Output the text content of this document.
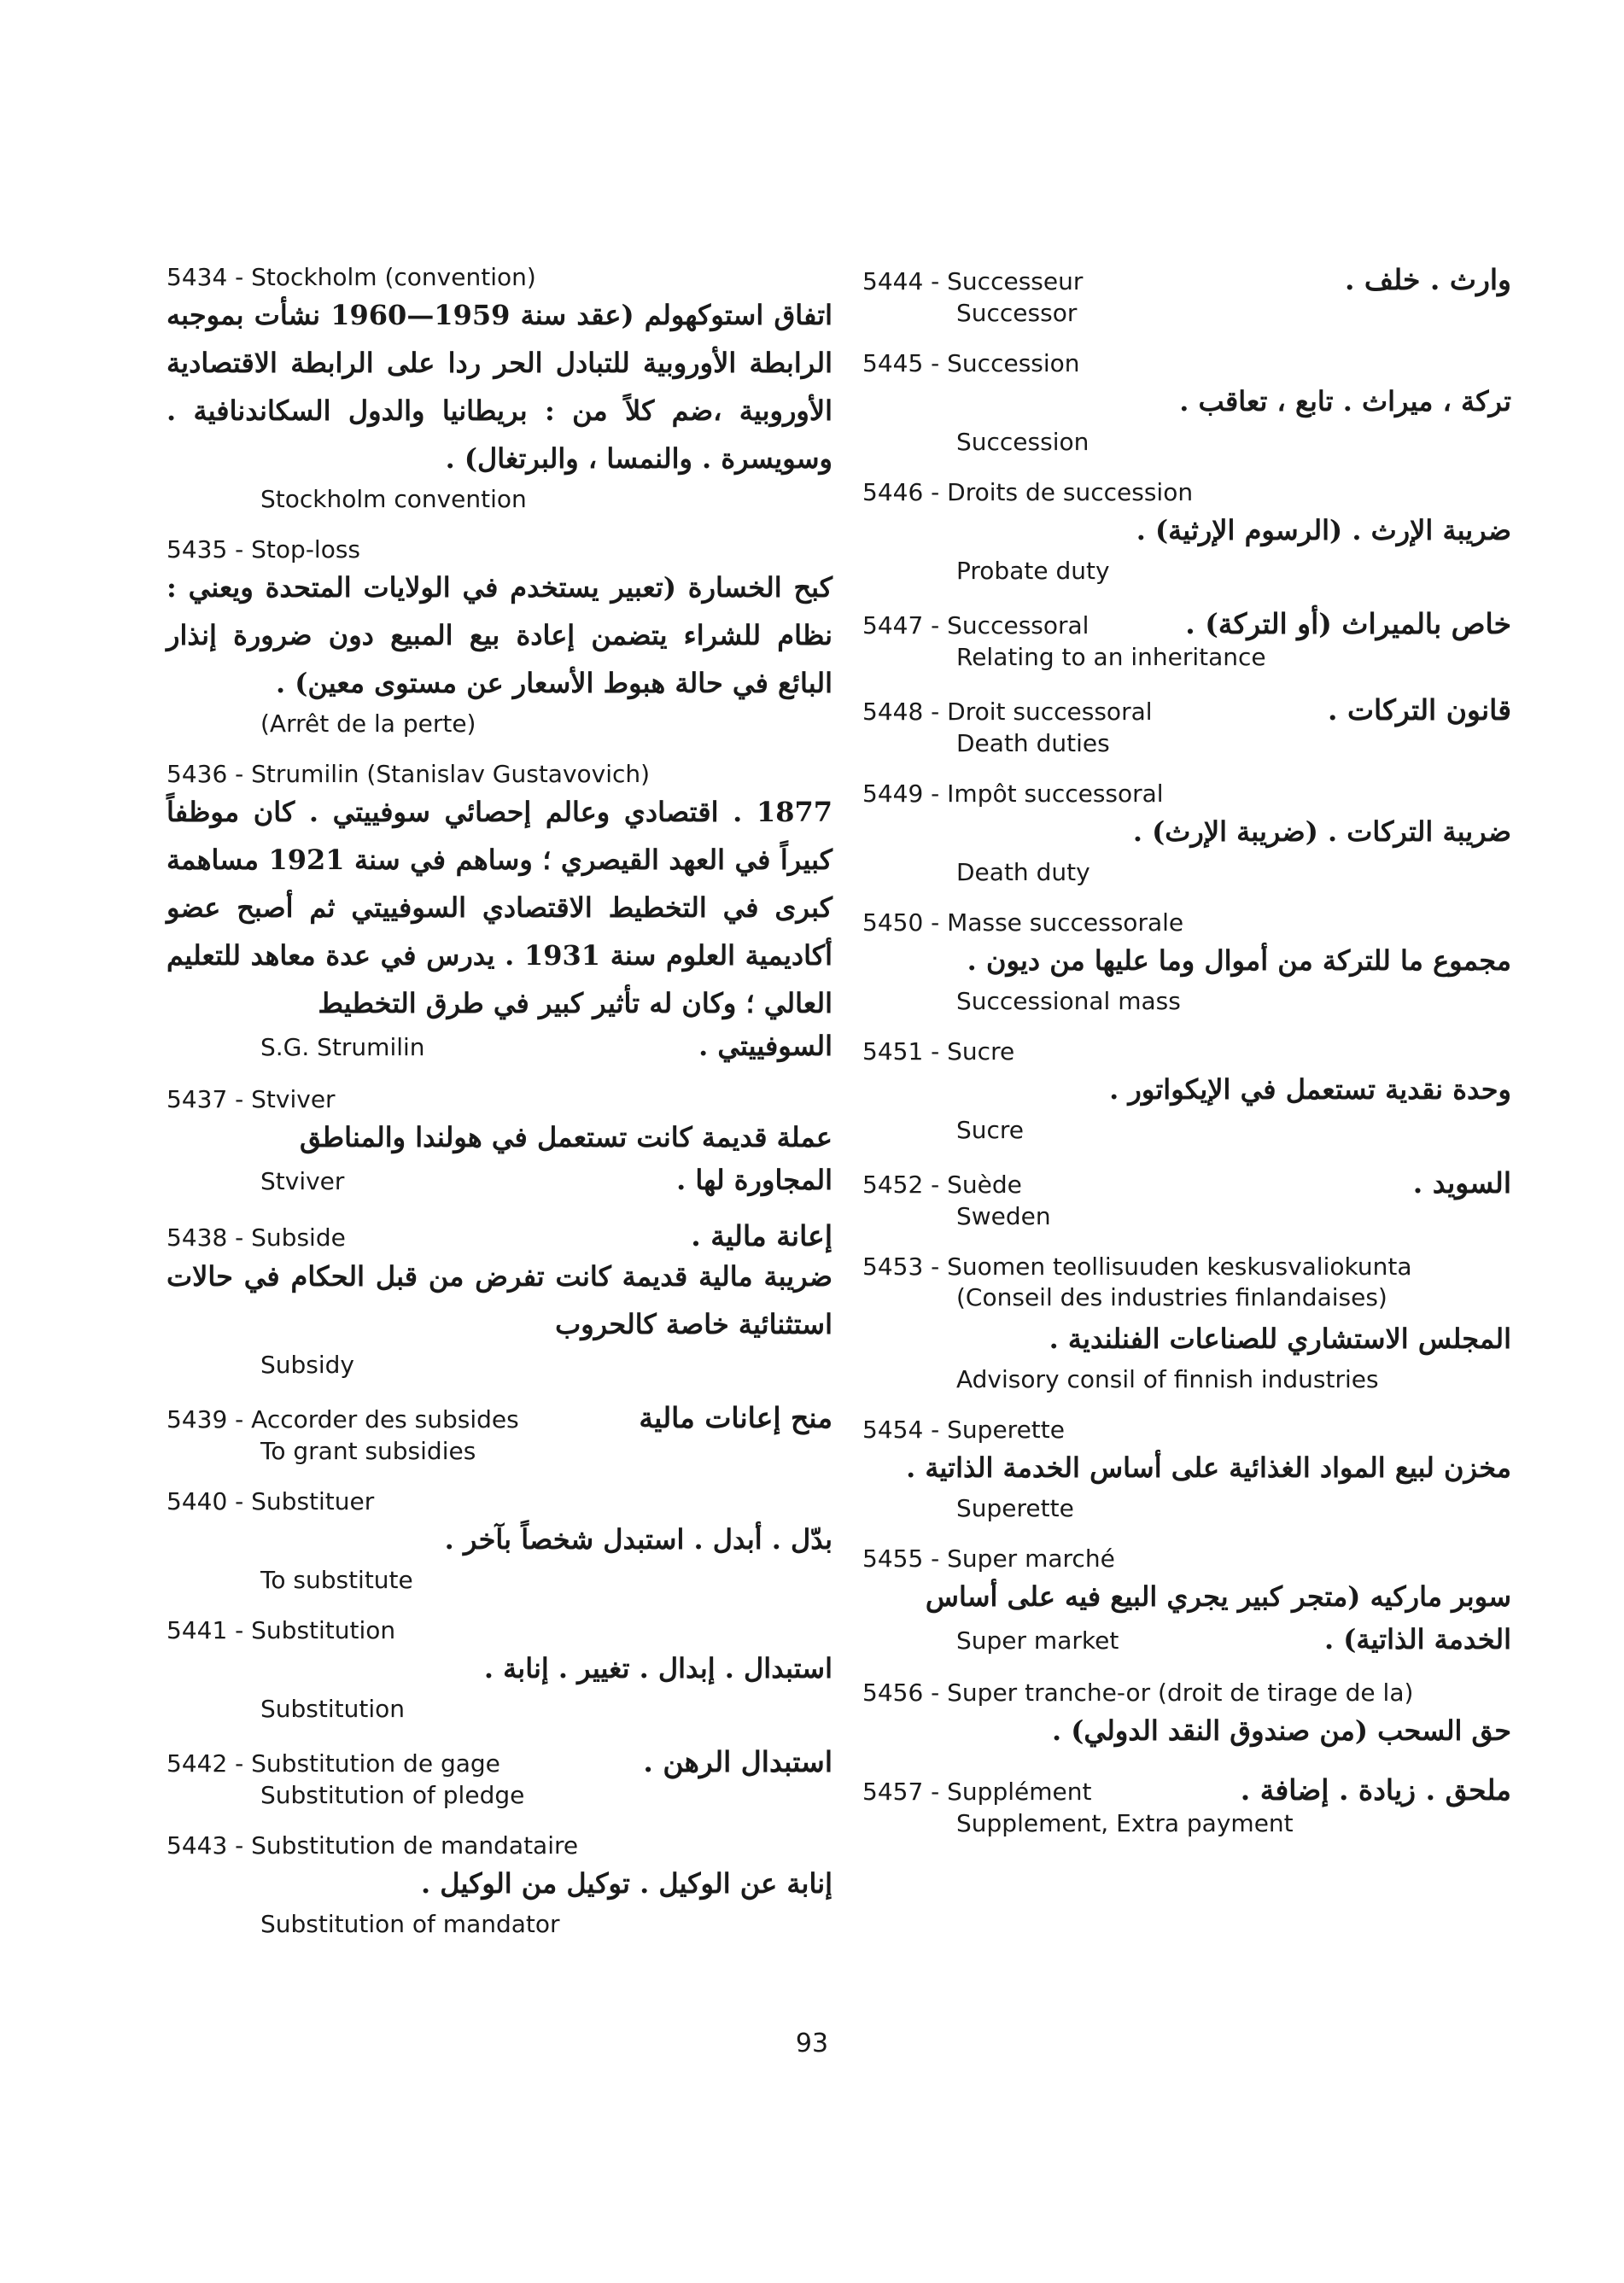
5434 - Stockholm (convention)
اتفاق استوكهولم (عقد سنة 1959—1960 نشأت بموجبه الرابطة الأوروبية للتبادل الحر ردا على الرابطة الاقتصادية الأوروبية ،ضم كلاً من : بريطانيا والدول السكاندنافية . وسويسرة . والنمسا ، والبرتغال) .
Stockholm convention
5435 - Stop-loss
كبح الخسارة (تعبير يستخدم في الولايات المتحدة ويعني : نظام للشراء يتضمن إعادة بيع المبيع دون ضرورة إنذار البائع في حالة هبوط الأسعار عن مستوى معين) .
(Arrêt de la perte)
5436 - Strumilin (Stanislav Gustavovich)
1877 . اقتصادي وعالم إحصائي سوفييتي . كان موظفاً كبيراً في العهد القيصري ؛ وساهم في سنة 1921 مساهمة كبرى في التخطيط الاقتصادي السوفييتي ثم أصبح عضو أكاديمية العلوم سنة 1931 . يدرس في عدة معاهد للتعليم العالي ؛ وكان له تأثير كبير في طرق التخطيط
S.G. Strumilin	السوفييتي .
5437 - Stviver
عملة قديمة كانت تستعمل في هولندا والمناطق
Stviver	المجاورة لها .
5438 - Subside	إعانة مالية .
ضريبة مالية قديمة كانت تفرض من قبل الحكام في حالات استثنائية خاصة كالحروب
Subsidy
5439 - Accorder des subsides	منح إعانات مالية
To grant subsidies
5440 - Substituer
بدّل . أبدل . استبدل شخصاً بآخر .
To substitute
5441 - Substitution
استبدال . إبدال . تغيير . إنابة .
Substitution
5442 - Substitution de gage	استبدال الرهن .
Substitution of pledge
5443 - Substitution de mandataire
إنابة عن الوكيل . توكيل من الوكيل .
Substitution of mandator
5444 - Successeur	وارث . خلف .
Successor
5445 - Succession
تركة ، ميراث . تابع ، تعاقب .
Succession
5446 - Droits de succession
ضريبة الإرث . (الرسوم الإرثية) .
Probate duty
5447 - Successoral	خاص بالميراث (أو التركة) .
Relating to an inheritance
5448 - Droit successoral	قانون التركات .
Death duties
5449 - Impôt successoral
ضريبة التركات . (ضريبة الإرث) .
Death duty
5450 - Masse successorale
مجموع ما للتركة من أموال وما عليها من ديون .
Successional mass
5451 - Sucre
وحدة نقدية تستعمل في الإيكواتور .
Sucre
5452 - Suède	السويد .
Sweden
5453 - Suomen teollisuuden keskusvaliokunta
(Conseil des industries finlandaises)
المجلس الاستشاري للصناعات الفنلندية .
Advisory consil of finnish industries
5454 - Superette
مخزن لبيع المواد الغذائية على أساس الخدمة الذاتية .
Superette
5455 - Super marché
سوبر ماركيه (متجر كبير يجري البيع فيه على أساس
Super market	الخدمة الذاتية) .
5456 - Super tranche-or (droit de tirage de la)
حق السحب (من صندوق النقد الدولي) .
5457 - Supplément	ملحق . زيادة . إضافة .
Supplement, Extra payment
93
